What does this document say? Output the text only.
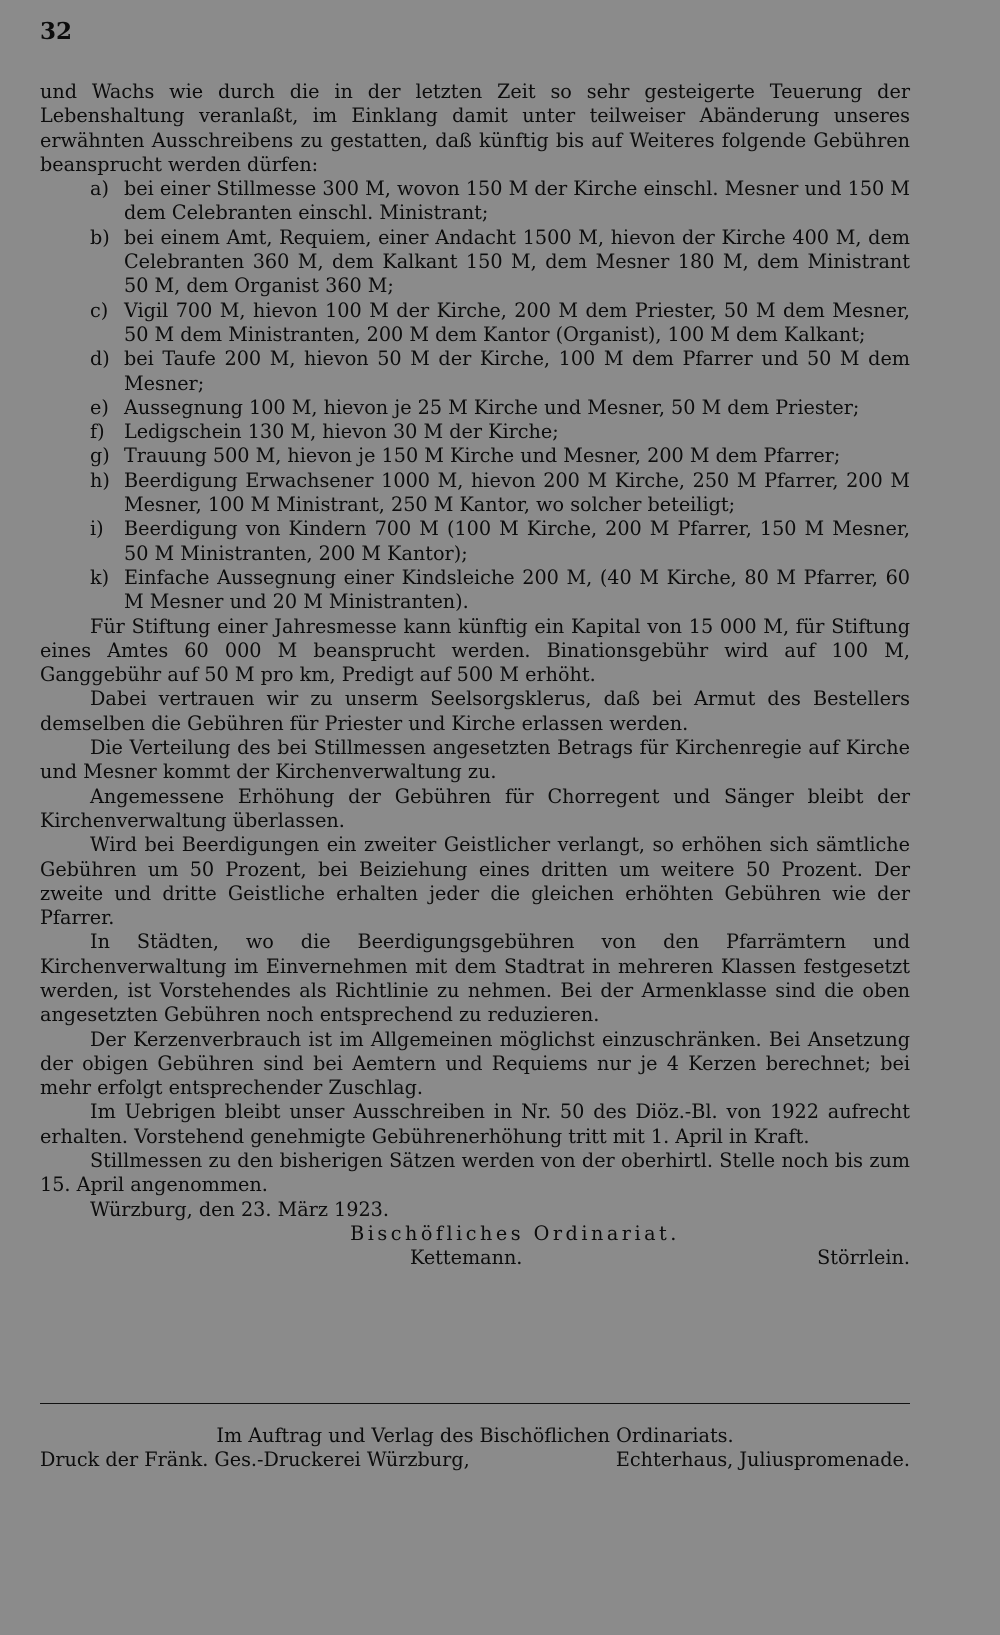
32

und Wachs wie durch die in der letzten Zeit so sehr gesteigerte Teuerung der Lebenshaltung veranlaßt, im Einklang damit unter teilweiser Abänderung unseres erwähnten Ausschreibens zu gestatten, daß künftig bis auf Weiteres folgende Gebühren beansprucht werden dürfen:

a) bei einer Stillmesse 300 M, wovon 150 M der Kirche einschl. Mesner und 150 M dem Celebranten einschl. Ministrant;
b) bei einem Amt, Requiem, einer Andacht 1500 M, hievon der Kirche 400 M, dem Celebranten 360 M, dem Kalkant 150 M, dem Mesner 180 M, dem Ministrant 50 M, dem Organist 360 M;
c) Vigil 700 M, hievon 100 M der Kirche, 200 M dem Priester, 50 M dem Mesner, 50 M dem Ministranten, 200 M dem Kantor (Organist), 100 M dem Kalkant;
d) bei Taufe 200 M, hievon 50 M der Kirche, 100 M dem Pfarrer und 50 M dem Mesner;
e) Aussegnung 100 M, hievon je 25 M Kirche und Mesner, 50 M dem Priester;
f) Ledigschein 130 M, hievon 30 M der Kirche;
g) Trauung 500 M, hievon je 150 M Kirche und Mesner, 200 M dem Pfarrer;
h) Beerdigung Erwachsener 1000 M, hievon 200 M Kirche, 250 M Pfarrer, 200 M Mesner, 100 M Ministrant, 250 M Kantor, wo solcher beteiligt;
i) Beerdigung von Kindern 700 M (100 M Kirche, 200 M Pfarrer, 150 M Mesner, 50 M Ministranten, 200 M Kantor);
k) Einfache Aussegnung einer Kindsleiche 200 M, (40 M Kirche, 80 M Pfarrer, 60 M Mesner und 20 M Ministranten).

Für Stiftung einer Jahresmesse kann künftig ein Kapital von 15 000 M, für Stiftung eines Amtes 60 000 M beansprucht werden. Binationsgebühr wird auf 100 M, Ganggebühr auf 50 M pro km, Predigt auf 500 M erhöht.

Dabei vertrauen wir zu unserm Seelsorgsklerus, daß bei Armut des Bestellers demselben die Gebühren für Priester und Kirche erlassen werden.

Die Verteilung des bei Stillmessen angesetzten Betrags für Kirchenregie auf Kirche und Mesner kommt der Kirchenverwaltung zu.

Angemessene Erhöhung der Gebühren für Chorregent und Sänger bleibt der Kirchenverwaltung überlassen.

Wird bei Beerdigungen ein zweiter Geistlicher verlangt, so erhöhen sich sämtliche Gebühren um 50 Prozent, bei Beiziehung eines dritten um weitere 50 Prozent. Der zweite und dritte Geistliche erhalten jeder die gleichen erhöhten Gebühren wie der Pfarrer.

In Städten, wo die Beerdigungsgebühren von den Pfarrämtern und Kirchenverwaltung im Einvernehmen mit dem Stadtrat in mehreren Klassen festgesetzt werden, ist Vorstehendes als Richtlinie zu nehmen. Bei der Armenklasse sind die oben angesetzten Gebühren noch entsprechend zu reduzieren.

Der Kerzenverbrauch ist im Allgemeinen möglichst einzuschränken. Bei Ansetzung der obigen Gebühren sind bei Aemtern und Requiems nur je 4 Kerzen berechnet; bei mehr erfolgt entsprechender Zuschlag.

Im Uebrigen bleibt unser Ausschreiben in Nr. 50 des Diöz.-Bl. von 1922 aufrecht erhalten. Vorstehend genehmigte Gebührenerhöhung tritt mit 1. April in Kraft.

Stillmessen zu den bisherigen Sätzen werden von der oberhirtl. Stelle noch bis zum 15. April angenommen.

Würzburg, den 23. März 1923.

Bischöfliches Ordinariat.

Kettemann.	Störrlein.

Im Auftrag und Verlag des Bischöflichen Ordinariats.

Druck der Fränk. Ges.-Druckerei Würzburg,	Echterhaus, Juliuspromenade.
